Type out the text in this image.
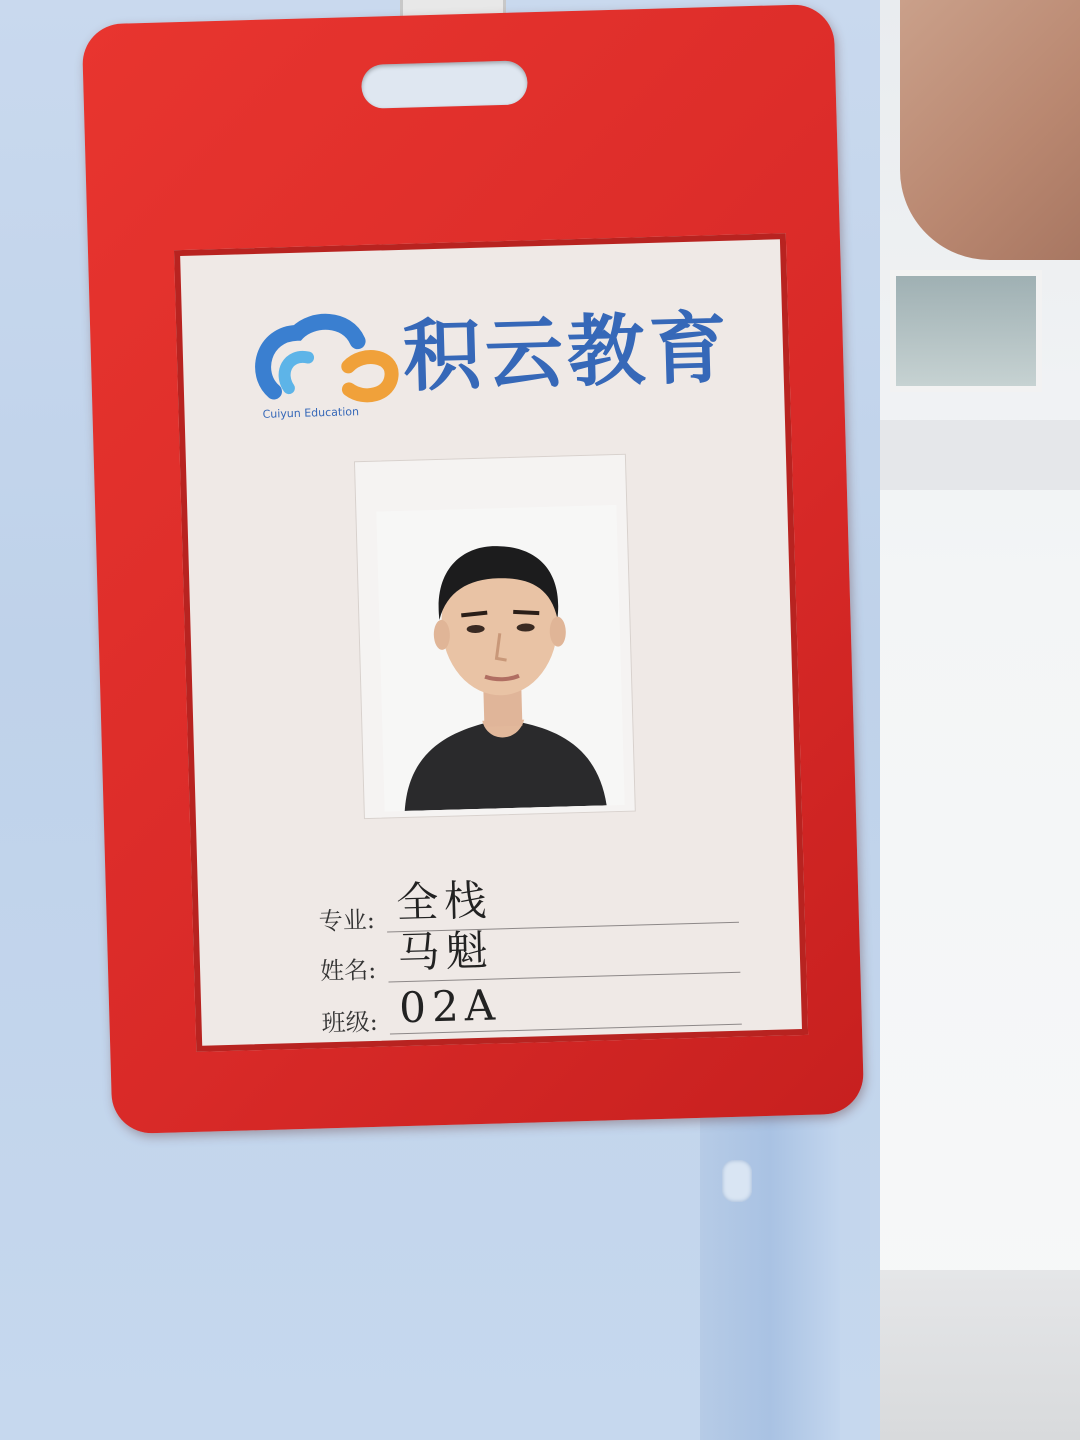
Cuiyun Education
积云教育
专业: 全栈
姓名: 马魁
班级: 02A
